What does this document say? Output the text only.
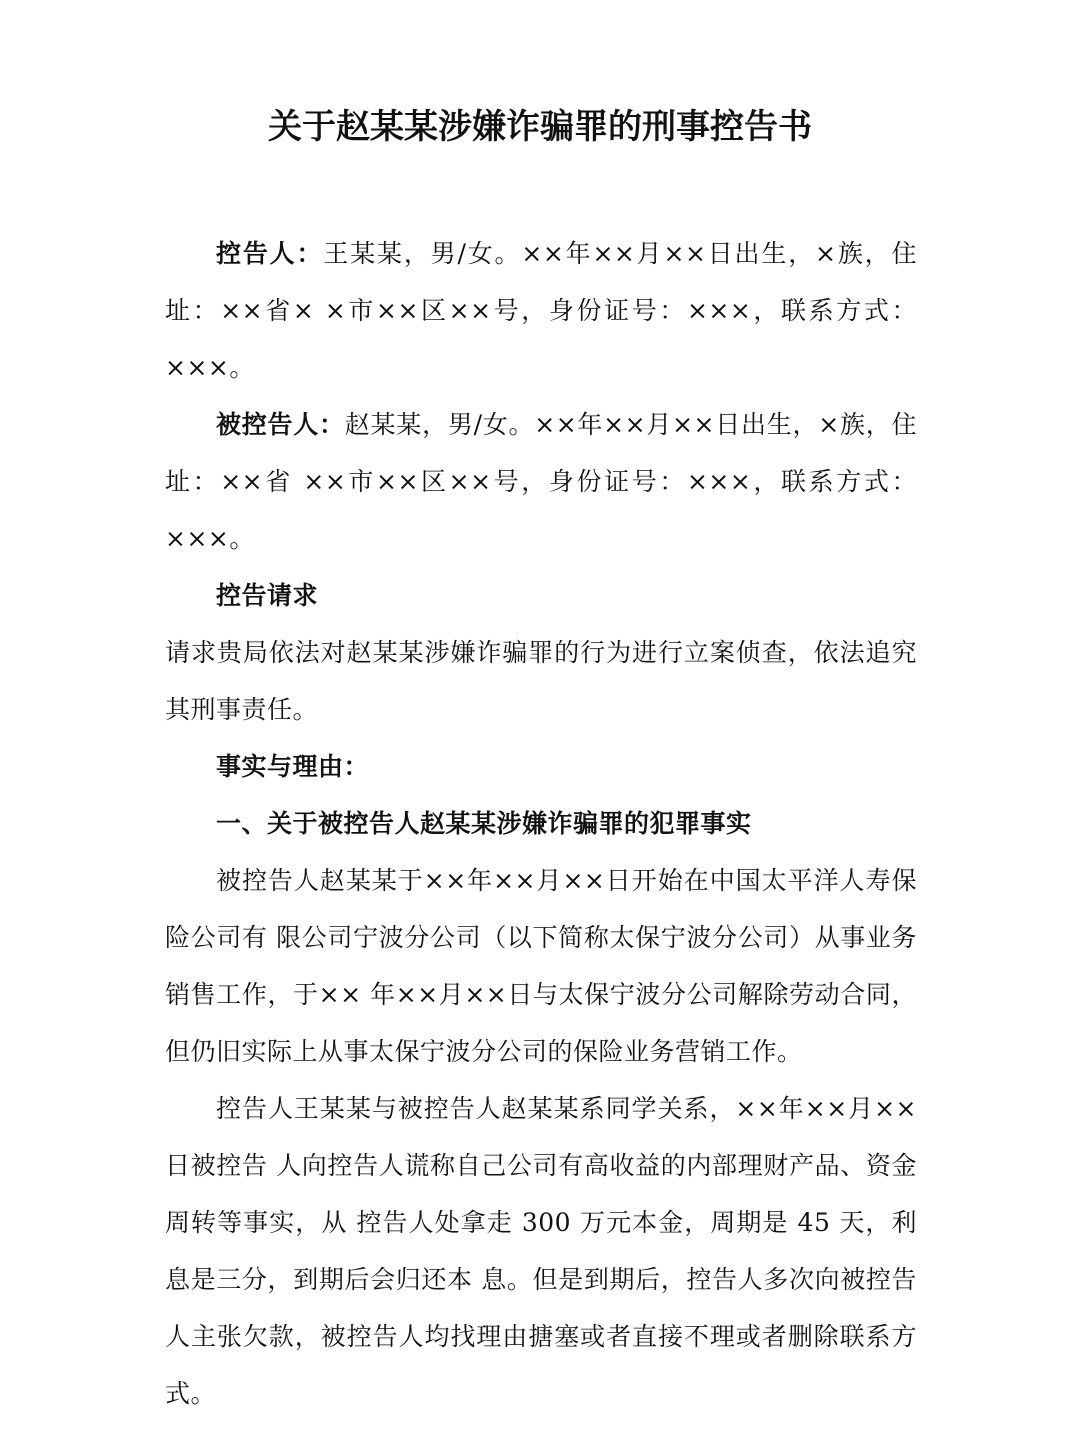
关于赵某某涉嫌诈骗罪的刑事控告书

控告人：王某某，男/女。××年××月××日出生，×族，住址：××省× ×市××区××号，身份证号：×××，联系方式：×××。

被控告人：赵某某，男/女。××年××月××日出生，×族，住址：××省 ××市××区××号，身份证号：×××，联系方式：×××。

控告请求

请求贵局依法对赵某某涉嫌诈骗罪的行为进行立案侦查，依法追究其刑事责任。

事实与理由：

一、关于被控告人赵某某涉嫌诈骗罪的犯罪事实

被控告人赵某某于××年××月××日开始在中国太平洋人寿保险公司有 限公司宁波分公司（以下简称太保宁波分公司）从事业务销售工作，于×× 年××月××日与太保宁波分公司解除劳动合同，但仍旧实际上从事太保宁波分公司的保险业务营销工作。

控告人王某某与被控告人赵某某系同学关系，××年××月××日被控告 人向控告人谎称自己公司有高收益的内部理财产品、资金周转等事实，从 控告人处拿走 300 万元本金，周期是 45 天，利息是三分，到期后会归还本 息。但是到期后，控告人多次向被控告人主张欠款，被控告人均找理由搪塞或者直接不理或者删除联系方式。
